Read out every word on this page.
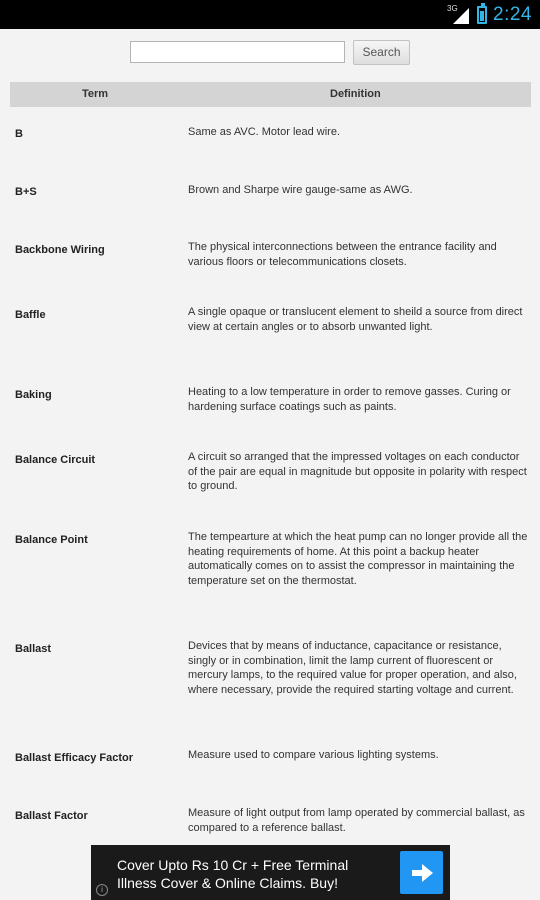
3G 2:24
Search
Term	Definition
B	Same as AVC. Motor lead wire.
B+S	Brown and Sharpe wire gauge-same as AWG.
Backbone Wiring	The physical interconnections between the entrance facility and various floors or telecommunications closets.
Baffle	A single opaque or translucent element to sheild a source from direct view at certain angles or to absorb unwanted light.
Baking	Heating to a low temperature in order to remove gasses. Curing or hardening surface coatings such as paints.
Balance Circuit	A circuit so arranged that the impressed voltages on each conductor of the pair are equal in magnitude but opposite in polarity with respect to ground.
Balance Point	The tempearture at which the heat pump can no longer provide all the heating requirements of home. At this point a backup heater automatically comes on to assist the compressor in maintaining the temperature set on the thermostat.
Ballast	Devices that by means of inductance, capacitance or resistance, singly or in combination, limit the lamp current of fluorescent or mercury lamps, to the required value for proper operation, and also, where necessary, provide the required starting voltage and current.
Ballast Efficacy Factor	Measure used to compare various lighting systems.
Ballast Factor	Measure of light output from lamp operated by commercial ballast, as compared to a reference ballast.
Cover Upto Rs 10 Cr + Free Terminal Illness Cover & Online Claims. Buy!
i
